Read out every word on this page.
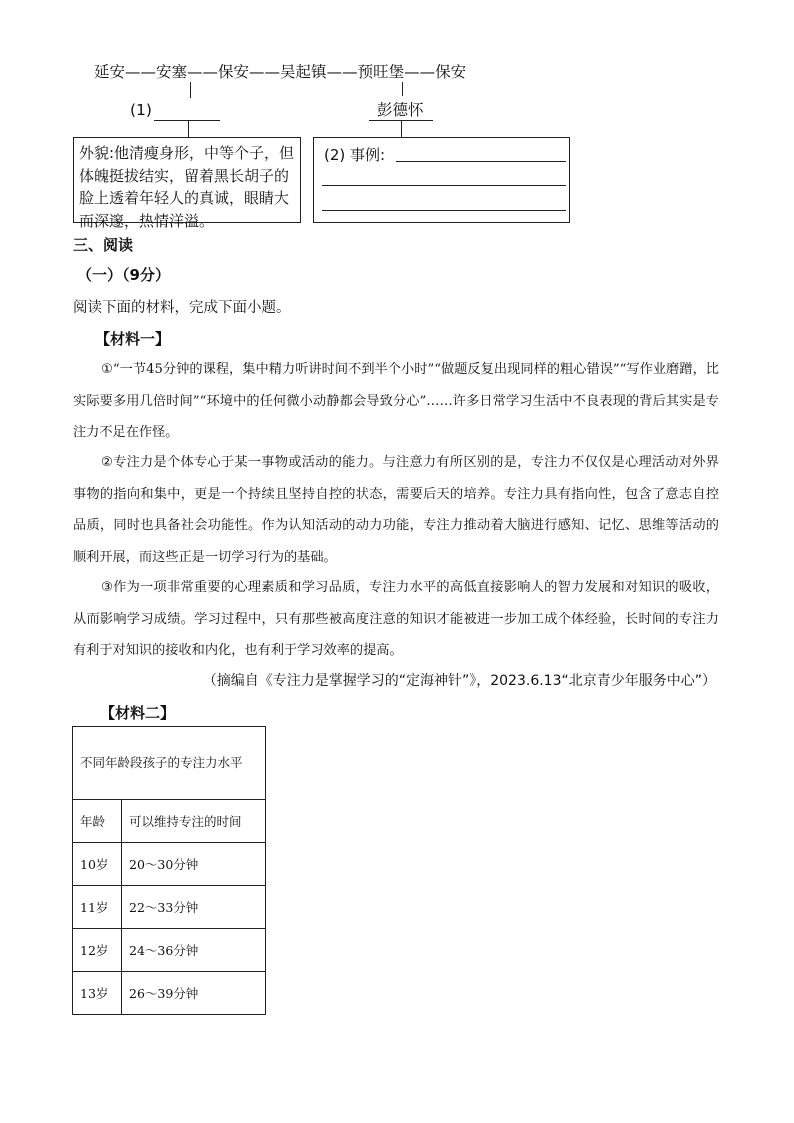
延安——安塞——保安——吴起镇——预旺堡——保安
(1)	彭德怀
外貌:他清瘦身形，中等个子，但体魄挺拔结实，留着黑长胡子的脸上透着年轻人的真诚，眼睛大而深邃，热情洋溢。
(2) 事例:
三、阅读
（一）（9分）
阅读下面的材料，完成下面小题。
【材料一】
①“一节45分钟的课程，集中精力听讲时间不到半个小时”“做题反复出现同样的粗心错误”“写作业磨蹭，比实际要多用几倍时间”“环境中的任何微小动静都会导致分心”……许多日常学习生活中不良表现的背后其实是专注力不足在作怪。
②专注力是个体专心于某一事物或活动的能力。与注意力有所区别的是，专注力不仅仅是心理活动对外界事物的指向和集中，更是一个持续且坚持自控的状态，需要后天的培养。专注力具有指向性，包含了意志自控品质，同时也具备社会功能性。作为认知活动的动力功能，专注力推动着大脑进行感知、记忆、思维等活动的顺利开展，而这些正是一切学习行为的基础。
③作为一项非常重要的心理素质和学习品质，专注力水平的高低直接影响人的智力发展和对知识的吸收，从而影响学习成绩。学习过程中，只有那些被高度注意的知识才能被进一步加工成个体经验，长时间的专注力有利于对知识的接收和内化，也有利于学习效率的提高。
（摘编自《专注力是掌握学习的“定海神针”》，2023.6.13“北京青少年服务中心”）
【材料二】
不同年龄段孩子的专注力水平	
年龄	可以维持专注的时间
10岁	20～30分钟
11岁	22～33分钟
12岁	24～36分钟
13岁	26～39分钟
